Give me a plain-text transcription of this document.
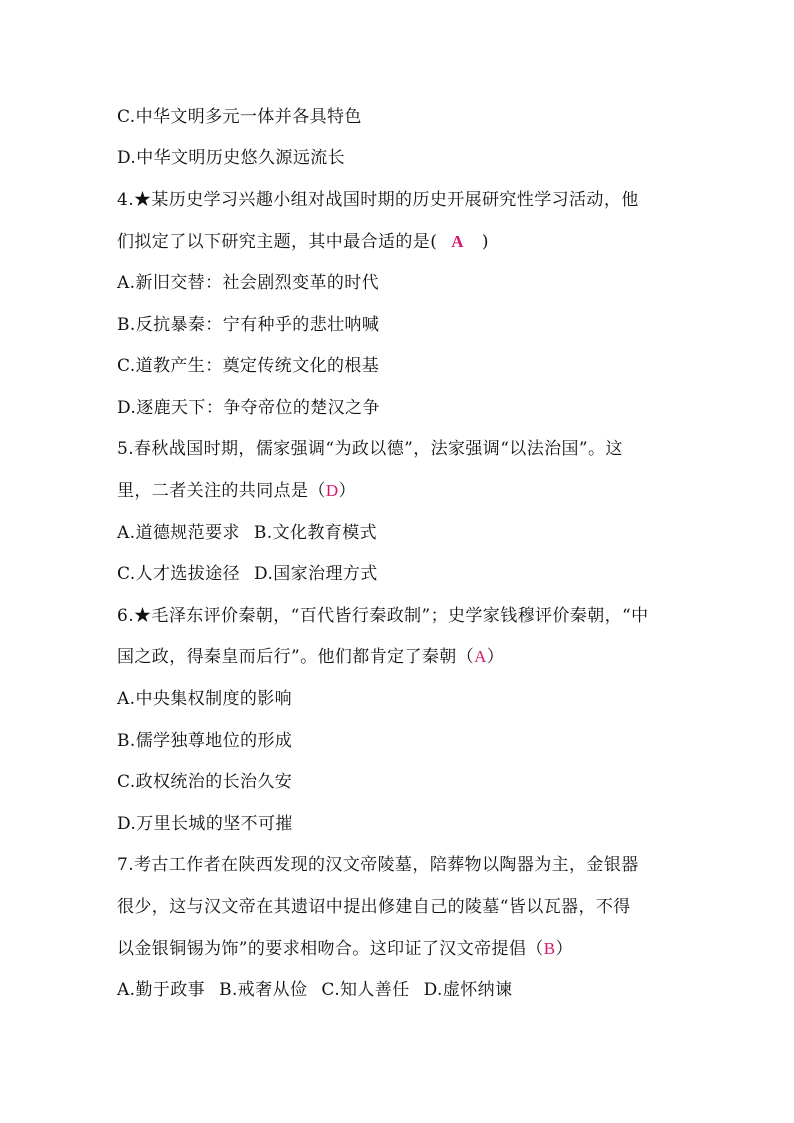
C.中华文明多元一体并各具特色
D.中华文明历史悠久源远流长
4.★某历史学习兴趣小组对战国时期的历史开展研究性学习活动，他
们拟定了以下研究主题，其中最合适的是( A )
A.新旧交替：社会剧烈变革的时代
B.反抗暴秦：宁有种乎的悲壮呐喊
C.道教产生：奠定传统文化的根基
D.逐鹿天下：争夺帝位的楚汉之争
5.春秋战国时期，儒家强调“为政以德”，法家强调“以法治国”。这
里，二者关注的共同点是（D）
A.道德规范要求 B.文化教育模式
C.人才选拔途径 D.国家治理方式
6.★毛泽东评价秦朝，“百代皆行秦政制”；史学家钱穆评价秦朝，“中
国之政，得秦皇而后行”。他们都肯定了秦朝（A）
A.中央集权制度的影响
B.儒学独尊地位的形成
C.政权统治的长治久安
D.万里长城的坚不可摧
7.考古工作者在陕西发现的汉文帝陵墓，陪葬物以陶器为主，金银器
很少，这与汉文帝在其遗诏中提出修建自己的陵墓“皆以瓦器，不得
以金银铜锡为饰”的要求相吻合。这印证了汉文帝提倡（B）
A.勤于政事 B.戒奢从俭 C.知人善任 D.虚怀纳谏
